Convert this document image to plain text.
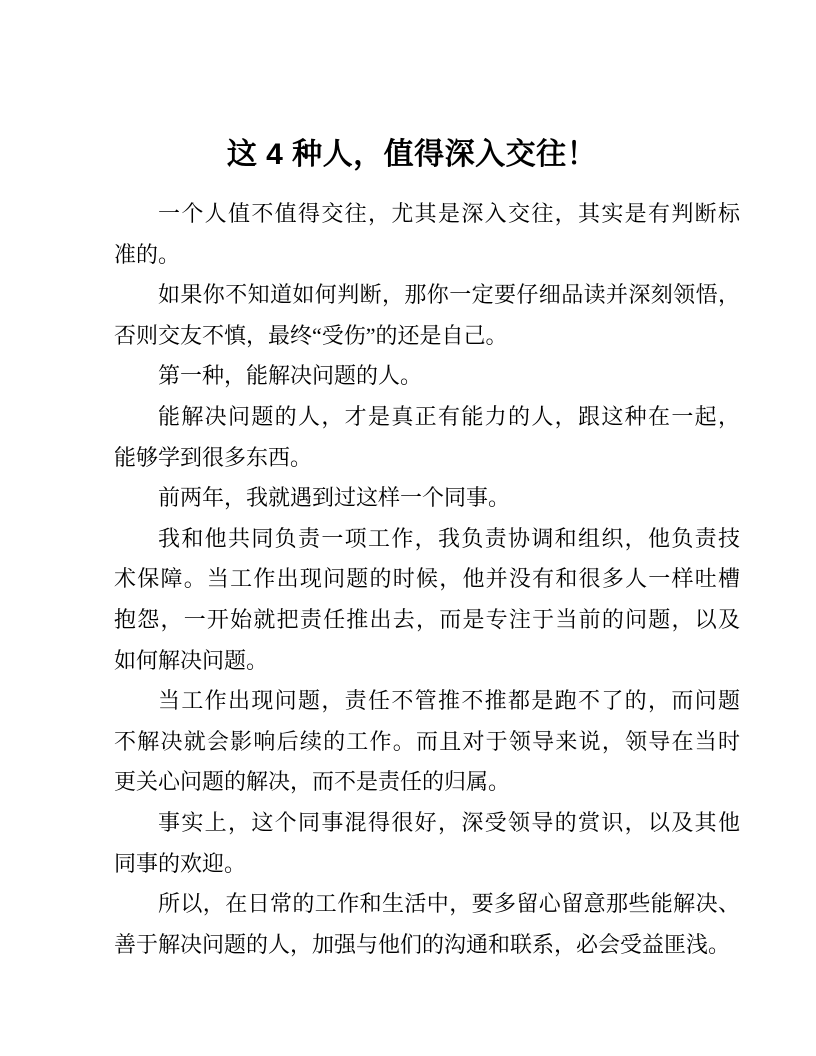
这 4 种人，值得深入交往！
一个人值不值得交往，尤其是深入交往，其实是有判断标
准的。
如果你不知道如何判断，那你一定要仔细品读并深刻领悟，
否则交友不慎，最终“受伤”的还是自己。
第一种，能解决问题的人。
能解决问题的人，才是真正有能力的人，跟这种在一起，
能够学到很多东西。
前两年，我就遇到过这样一个同事。
我和他共同负责一项工作，我负责协调和组织，他负责技
术保障。当工作出现问题的时候，他并没有和很多人一样吐槽
抱怨，一开始就把责任推出去，而是专注于当前的问题，以及
如何解决问题。
当工作出现问题，责任不管推不推都是跑不了的，而问题
不解决就会影响后续的工作。而且对于领导来说，领导在当时
更关心问题的解决，而不是责任的归属。
事实上，这个同事混得很好，深受领导的赏识，以及其他
同事的欢迎。
所以，在日常的工作和生活中，要多留心留意那些能解决、
善于解决问题的人，加强与他们的沟通和联系，必会受益匪浅。
